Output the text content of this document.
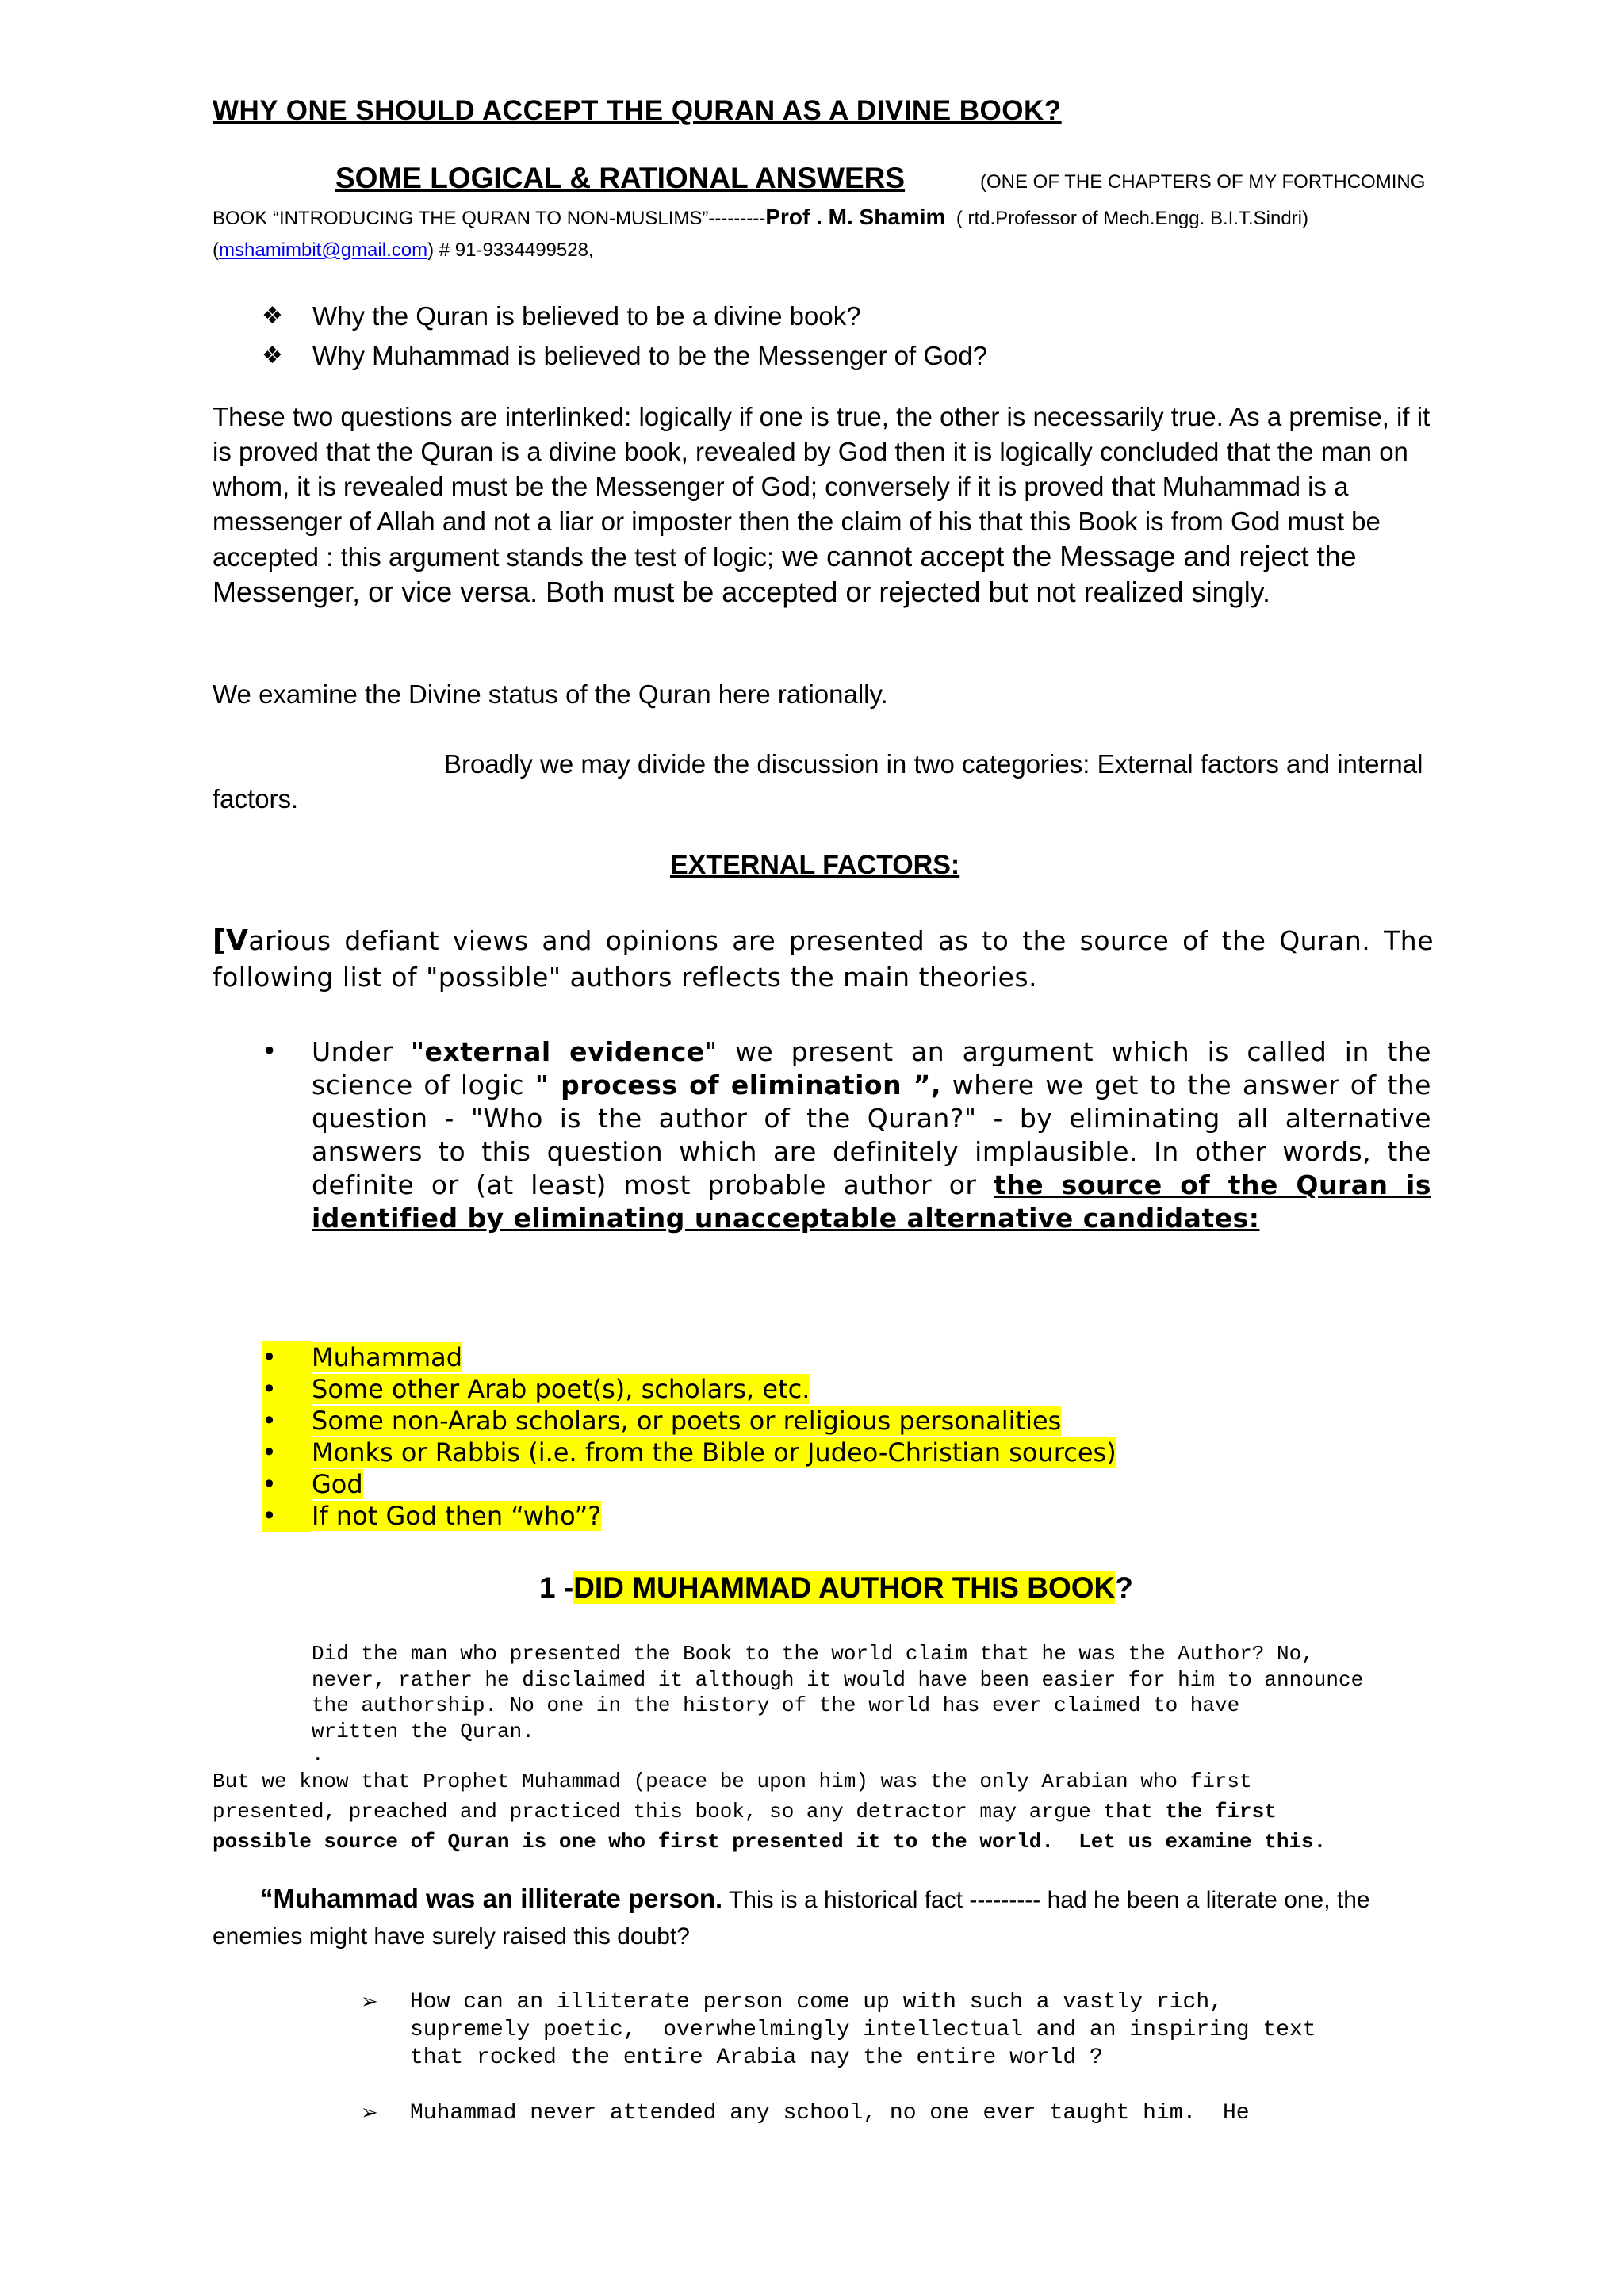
WHY ONE SHOULD ACCEPT THE QURAN AS A DIVINE BOOK?
SOME LOGICAL & RATIONAL ANSWERS	(ONE OF THE CHAPTERS OF MY FORTHCOMING
BOOK “INTRODUCING THE QURAN TO NON-MUSLIMS”---------Prof . M. Shamim ( rtd.Professor of Mech.Engg. B.I.T.Sindri)
(mshamimbit@gmail.com) # 91-9334499528,
❖ Why the Quran is believed to be a divine book?
❖ Why Muhammad is believed to be the Messenger of God?
These two questions are interlinked: logically if one is true, the other is necessarily true. As a premise, if it is proved that the Quran is a divine book, revealed by God then it is logically concluded that the man on whom, it is revealed must be the Messenger of God; conversely if it is proved that Muhammad is a messenger of Allah and not a liar or imposter then the claim of his that this Book is from God must be accepted : this argument stands the test of logic; we cannot accept the Message and reject the Messenger, or vice versa. Both must be accepted or rejected but not realized singly.
We examine the Divine status of the Quran here rationally.
Broadly we may divide the discussion in two categories: External factors and internal factors.
EXTERNAL FACTORS:
[Various defiant views and opinions are presented as to the source of the Quran. The following list of "possible" authors reflects the main theories.
• Under "external evidence" we present an argument which is called in the science of logic " process of elimination ”, where we get to the answer of the question - "Who is the author of the Quran?" - by eliminating all alternative answers to this question which are definitely implausible. In other words, the definite or (at least) most probable author or the source of the Quran is identified by eliminating unacceptable alternative candidates:
• Muhammad
• Some other Arab poet(s), scholars, etc.
• Some non-Arab scholars, or poets or religious personalities
• Monks or Rabbis (i.e. from the Bible or Judeo-Christian sources)
• God
• If not God then “who”?
1 -DID MUHAMMAD AUTHOR THIS BOOK?
Did the man who presented the Book to the world claim that he was the Author? No,
never, rather he disclaimed it although it would have been easier for him to announce
the authorship. No one in the history of the world has ever claimed to have
written the Quran.
.
But we know that Prophet Muhammad (peace be upon him) was the only Arabian who first
presented, preached and practiced this book, so any detractor may argue that the first
possible source of Quran is one who first presented it to the world.  Let us examine this.
“Muhammad was an illiterate person. This is a historical fact --------- had he been a literate one, the enemies might have surely raised this doubt?

➢

How can an illiterate person come up with such a vastly rich,
supremely poetic,  overwhelmingly intellectual and an inspiring text
that rocked the entire Arabia nay the entire world ?

➢

Muhammad never attended any school, no one ever taught him.  He
